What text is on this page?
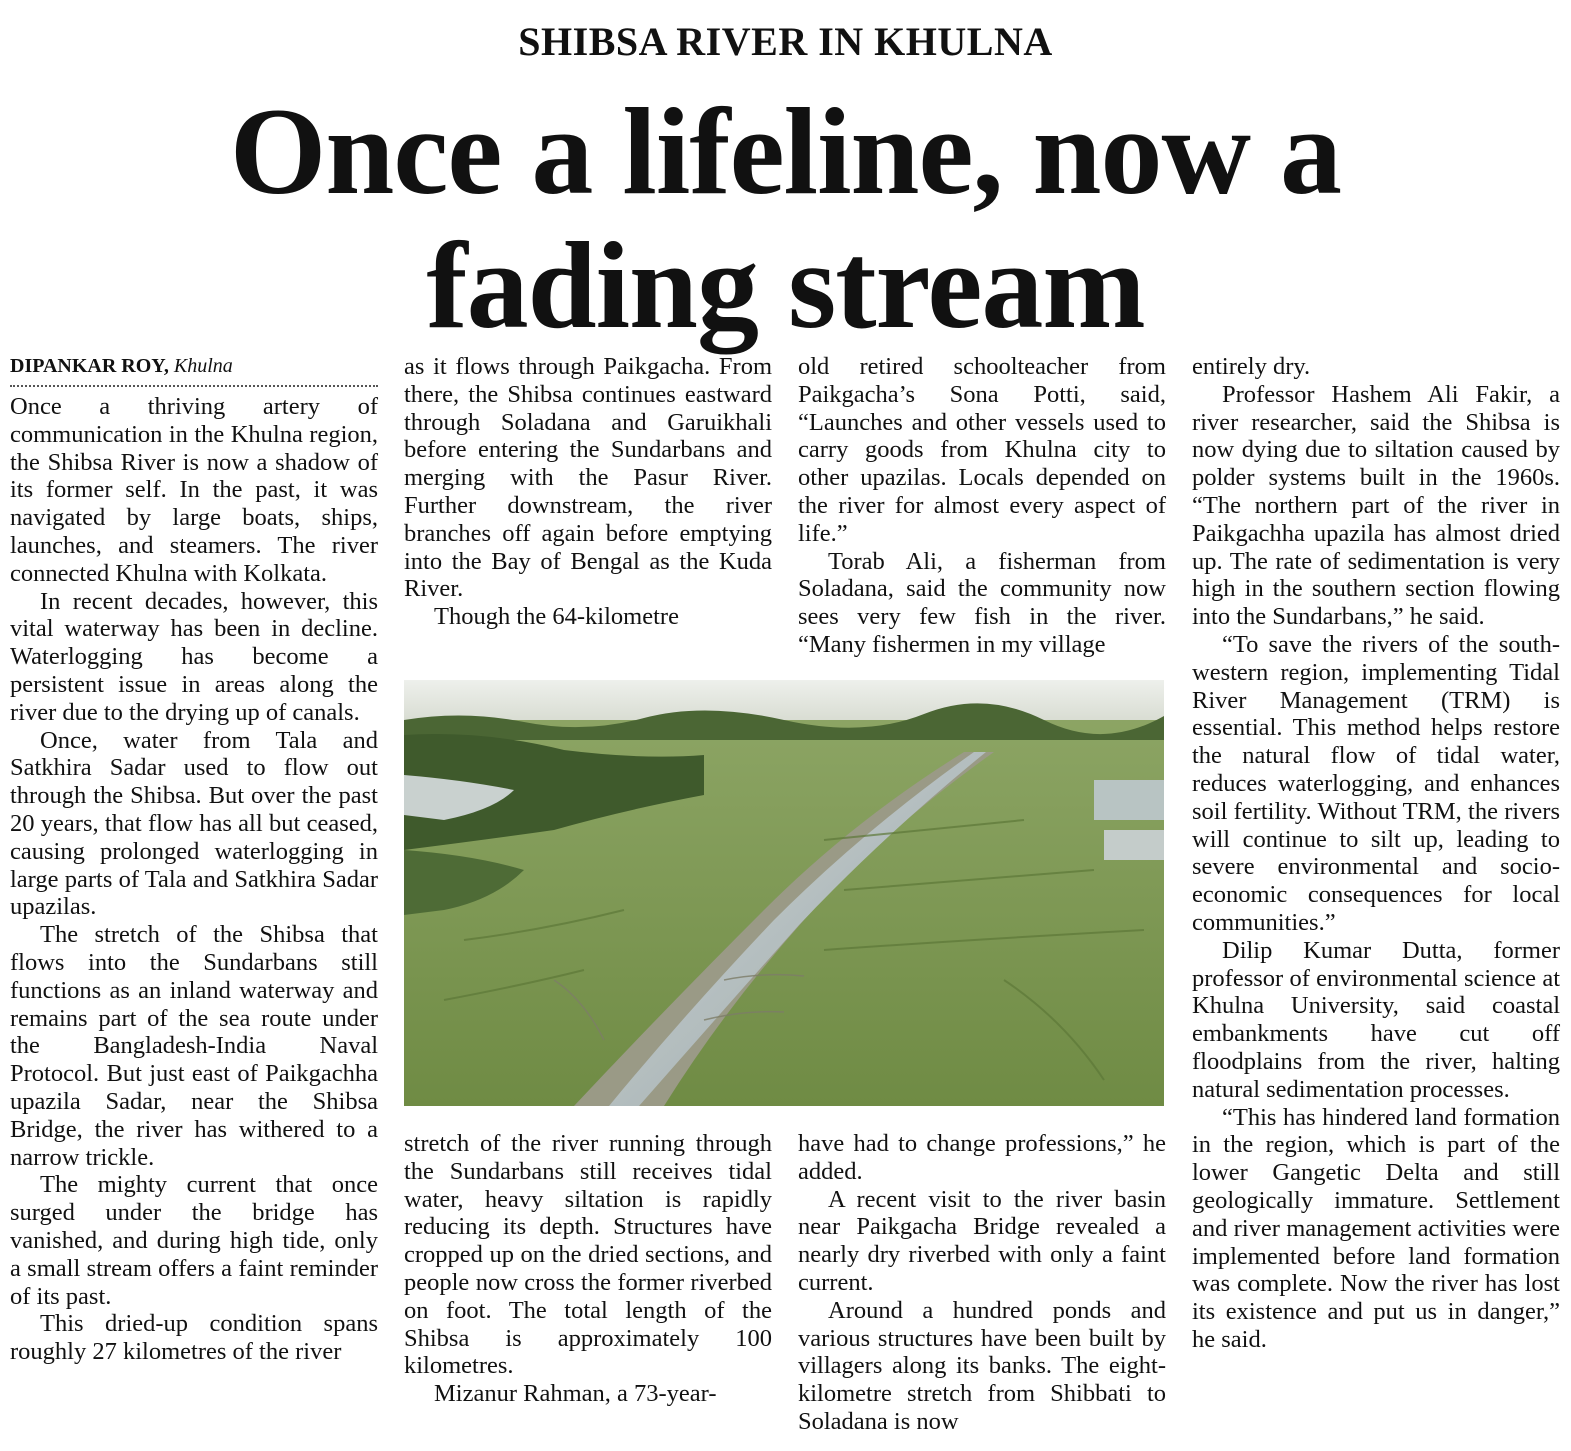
SHIBSA RIVER IN KHULNA
Once a lifeline, now a
fading stream
DIPANKAR ROY, Khulna

Once a thriving artery of communication in the Khulna region, the Shibsa River is now a shadow of its former self. In the past, it was navigated by large boats, ships, launches, and steamers. The river connected Khulna with Kolkata.

In recent decades, however, this vital waterway has been in decline. Waterlogging has become a persistent issue in areas along the river due to the drying up of canals.

Once, water from Tala and Satkhira Sadar used to flow out through the Shibsa. But over the past 20 years, that flow has all but ceased, causing prolonged waterlogging in large parts of Tala and Satkhira Sadar upazilas.

The stretch of the Shibsa that flows into the Sundarbans still functions as an inland waterway and remains part of the sea route under the Bangladesh-India Naval Protocol. But just east of Paikgachha upazila Sadar, near the Shibsa Bridge, the river has withered to a narrow trickle.

The mighty current that once surged under the bridge has vanished, and during high tide, only a small stream offers a faint reminder of its past.

This dried-up condition spans roughly 27 kilometres of the river

as it flows through Paikgacha. From there, the Shibsa continues eastward through Soladana and Garuikhali before entering the Sundarbans and merging with the Pasur River. Further downstream, the river branches off again before emptying into the Bay of Bengal as the Kuda River.

Though the 64-kilometre

old retired schoolteacher from Paikgacha’s Sona Potti, said, “Launches and other vessels used to carry goods from Khulna city to other upazilas. Locals depended on the river for almost every aspect of life.”

Torab Ali, a fisherman from Soladana, said the community now sees very few fish in the river. “Many fishermen in my village

stretch of the river running through the Sundarbans still receives tidal water, heavy siltation is rapidly reducing its depth. Structures have cropped up on the dried sections, and people now cross the former riverbed on foot. The total length of the Shibsa is approximately 100 kilometres.

Mizanur Rahman, a 73-year-

have had to change professions,” he added.

A recent visit to the river basin near Paikgacha Bridge revealed a nearly dry riverbed with only a faint current.

Around a hundred ponds and various structures have been built by villagers along its banks. The eight-kilometre stretch from Shibbati to Soladana is now

entirely dry.

Professor Hashem Ali Fakir, a river researcher, said the Shibsa is now dying due to siltation caused by polder systems built in the 1960s. “The northern part of the river in Paikgachha upazila has almost dried up. The rate of sedimentation is very high in the southern section flowing into the Sundarbans,” he said.

“To save the rivers of the south-western region, implementing Tidal River Management (TRM) is essential. This method helps restore the natural flow of tidal water, reduces waterlogging, and enhances soil fertility. Without TRM, the rivers will continue to silt up, leading to severe environmental and socio-economic consequences for local communities.”

Dilip Kumar Dutta, former professor of environmental science at Khulna University, said coastal embankments have cut off floodplains from the river, halting natural sedimentation processes.

“This has hindered land formation in the region, which is part of the lower Gangetic Delta and still geologically immature. Settlement and river management activities were implemented before land formation was complete. Now the river has lost its existence and put us in danger,” he said.
